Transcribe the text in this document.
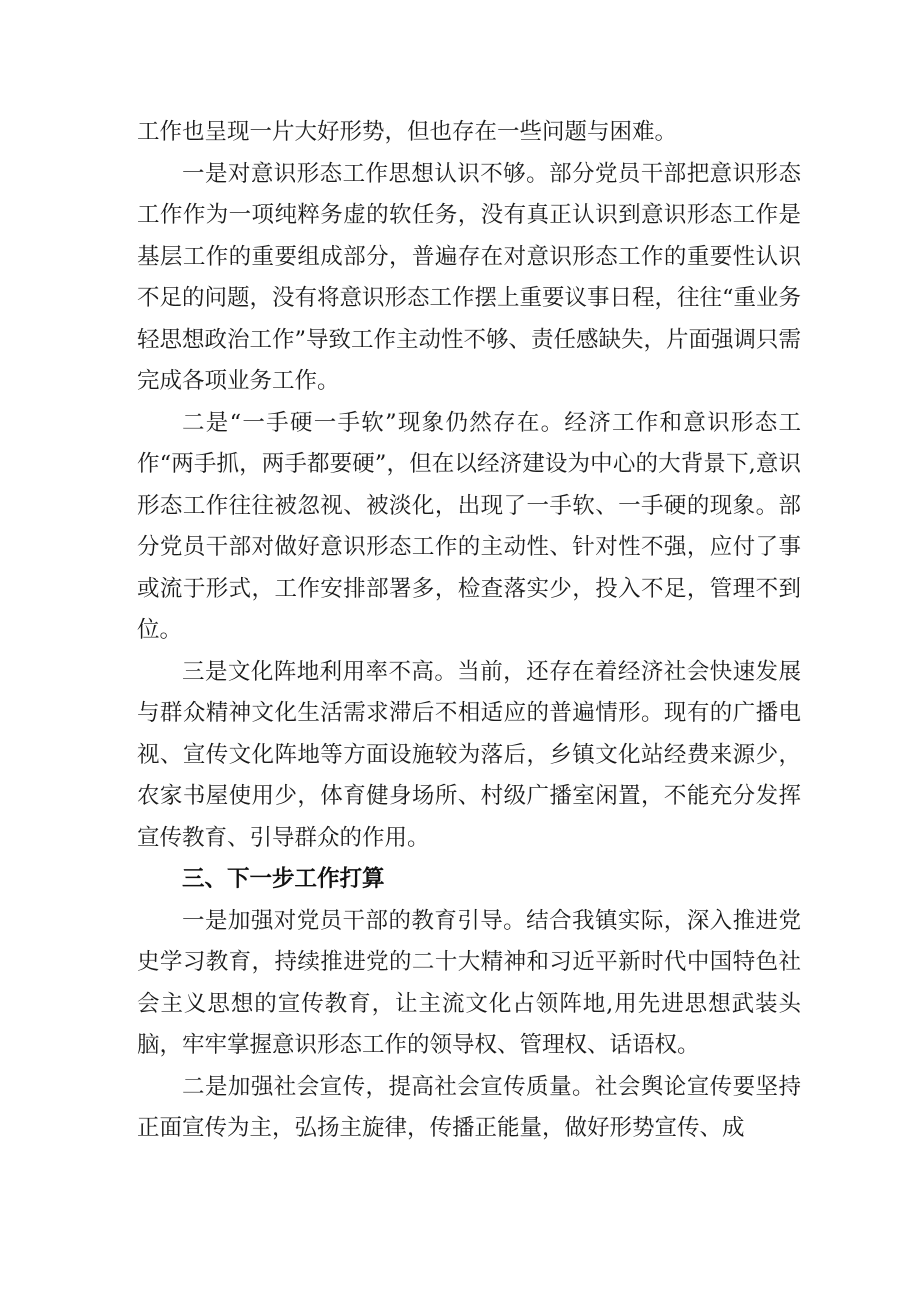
工作也呈现一片大好形势，但也存在一些问题与困难。

一是对意识形态工作思想认识不够。部分党员干部把意识形态工作作为一项纯粹务虚的软任务，没有真正认识到意识形态工作是基层工作的重要组成部分，普遍存在对意识形态工作的重要性认识不足的问题，没有将意识形态工作摆上重要议事日程，往往“重业务轻思想政治工作”导致工作主动性不够、责任感缺失，片面强调只需完成各项业务工作。

二是“一手硬一手软”现象仍然存在。经济工作和意识形态工作“两手抓，两手都要硬”，但在以经济建设为中心的大背景下,意识形态工作往往被忽视、被淡化，出现了一手软、一手硬的现象。部分党员干部对做好意识形态工作的主动性、针对性不强，应付了事或流于形式，工作安排部署多，检查落实少，投入不足，管理不到位。

三是文化阵地利用率不高。当前，还存在着经济社会快速发展与群众精神文化生活需求滞后不相适应的普遍情形。现有的广播电视、宣传文化阵地等方面设施较为落后，乡镇文化站经费来源少，农家书屋使用少，体育健身场所、村级广播室闲置，不能充分发挥宣传教育、引导群众的作用。

三、下一步工作打算

一是加强对党员干部的教育引导。结合我镇实际，深入推进党史学习教育，持续推进党的二十大精神和习近平新时代中国特色社会主义思想的宣传教育，让主流文化占领阵地,用先进思想武装头脑，牢牢掌握意识形态工作的领导权、管理权、话语权。

二是加强社会宣传，提高社会宣传质量。社会舆论宣传要坚持正面宣传为主，弘扬主旋律，传播正能量，做好形势宣传、成
